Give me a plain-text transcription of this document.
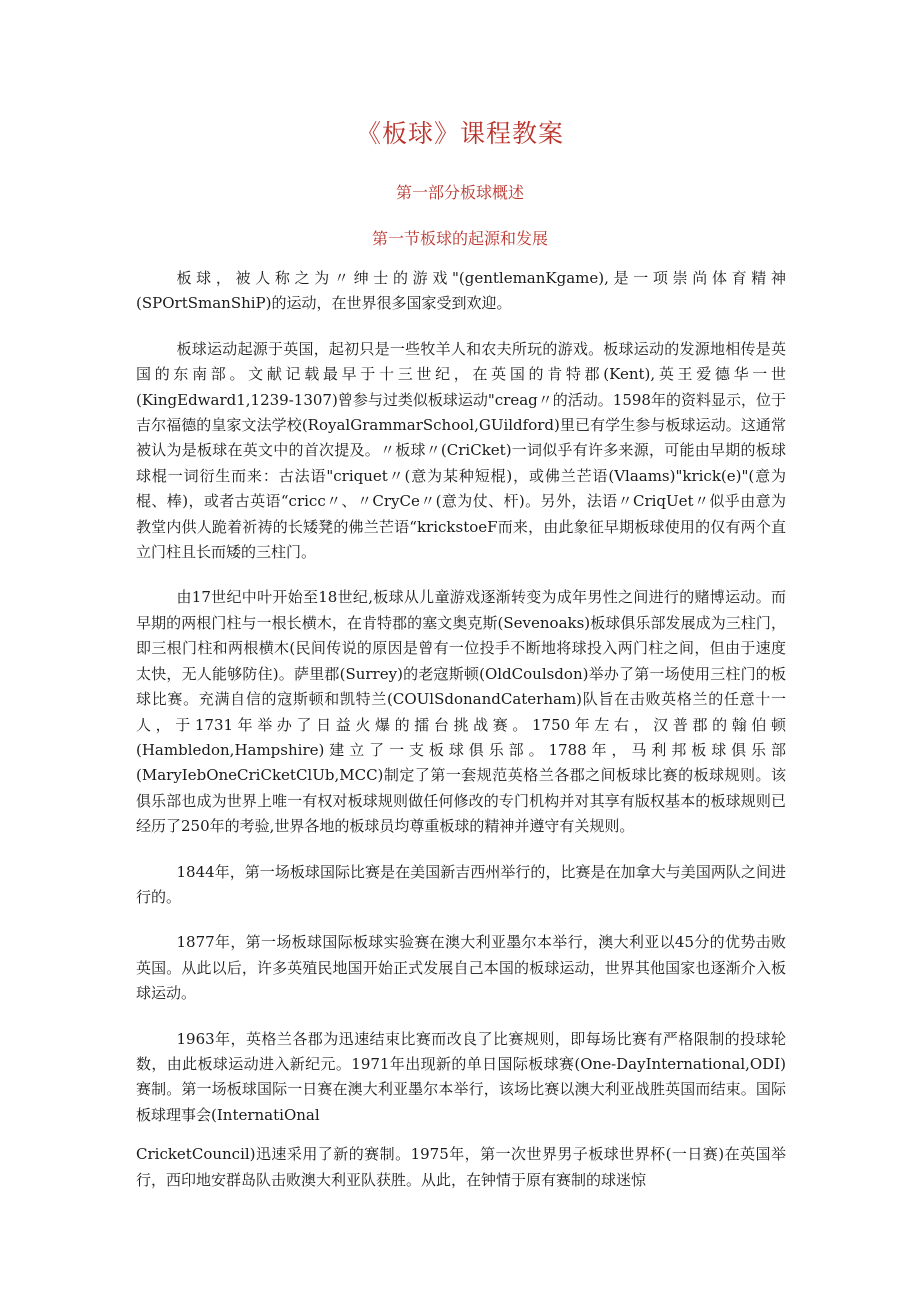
《板球》课程教案
第一部分板球概述
第一节板球的起源和发展

板球，被人称之为〃绅士的游戏"(gentlemanKgame),是一项崇尚体育精神(SPOrtSmanShiP)的运动，在世界很多国家受到欢迎。

板球运动起源于英国，起初只是一些牧羊人和农夫所玩的游戏。板球运动的发源地相传是英国的东南部。文献记载最早于十三世纪，在英国的肯特郡(Kent),英王爱德华一世(KingEdward1,1239-1307)曾参与过类似板球运动"creag〃的活动。1598年的资料显示，位于吉尔福德的皇家文法学校(RoyalGrammarSchool,GUildford)里已有学生参与板球运动。这通常被认为是板球在英文中的首次提及。〃板球〃(CriCket)一词似乎有许多来源，可能由早期的板球球棍一词衍生而来：古法语"criquet〃(意为某种短棍)，或佛兰芒语(Vlaams)"krick(e)"(意为棍、棒)，或者古英语“cricc〃、〃CryCe〃(意为仗、杆)。另外，法语〃CriqUet〃似乎由意为教堂内供人跪着祈祷的长矮凳的佛兰芒语“krickstoeF而来，由此象征早期板球使用的仅有两个直立门柱且长而矮的三柱门。

由17世纪中叶开始至18世纪,板球从儿童游戏逐渐转变为成年男性之间进行的赌博运动。而早期的两根门柱与一根长横木，在肯特郡的塞文奥克斯(Sevenoaks)板球俱乐部发展成为三柱门，即三根门柱和两根横木(民间传说的原因是曾有一位投手不断地将球投入两门柱之间，但由于速度太快，无人能够防住)。萨里郡(Surrey)的老寇斯顿(OldCoulsdon)举办了第一场使用三柱门的板球比赛。充满自信的寇斯顿和凯特兰(COUlSdonandCaterham)队旨在击败英格兰的任意十一人，于1731年举办了日益火爆的擂台挑战赛。1750年左右，汉普郡的翰伯顿(Hambledon,Hampshire)建立了一支板球俱乐部。1788年，马利邦板球俱乐部(MaryIebOneCriCketClUb,MCC)制定了第一套规范英格兰各郡之间板球比赛的板球规则。该俱乐部也成为世界上唯一有权对板球规则做任何修改的专门机构并对其享有版权基本的板球规则已经历了250年的考验,世界各地的板球员均尊重板球的精神并遵守有关规则。

1844年，第一场板球国际比赛是在美国新吉西州举行的，比赛是在加拿大与美国两队之间进行的。

1877年，第一场板球国际板球实验赛在澳大利亚墨尔本举行，澳大利亚以45分的优势击败英国。从此以后，许多英殖民地国开始正式发展自己本国的板球运动，世界其他国家也逐渐介入板球运动。

1963年，英格兰各郡为迅速结束比赛而改良了比赛规则，即每场比赛有严格限制的投球轮数，由此板球运动进入新纪元。1971年出现新的单日国际板球赛(One-DayInternational,ODI)赛制。第一场板球国际一日赛在澳大利亚墨尔本举行，该场比赛以澳大利亚战胜英国而结束。国际板球理事会(InternatiOnal

CricketCouncil)迅速采用了新的赛制。1975年，第一次世界男子板球世界杯(一日赛)在英国举行，西印地安群岛队击败澳大利亚队获胜。从此，在钟情于原有赛制的球迷惊
